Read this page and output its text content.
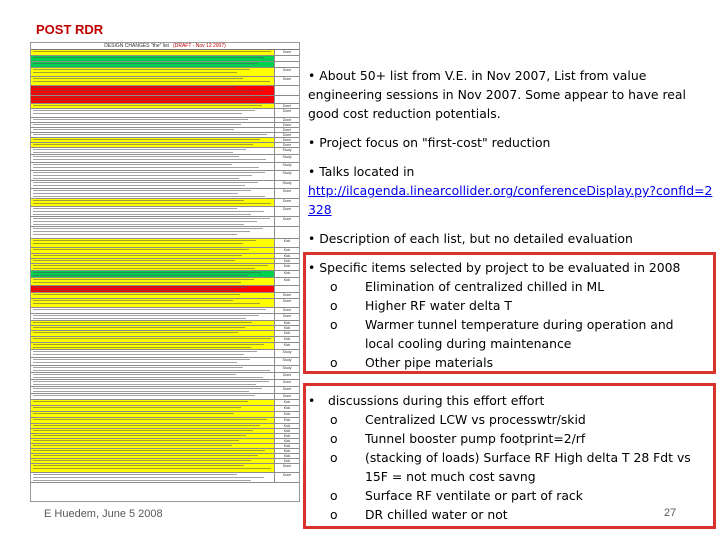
POST RDR
DESIGN CHANGES "the" list (DRAFT - Nov 12 2007)
Done
Done
Done
Done
Done
Done
Done
Done
Done
Done
Done
Study
Study
Study
Study
Study
Done
Done
Done
Done
Kick
Kick
Kick
Kick
Kick
Kick
Kick
Done
Done
Done
Done
Kick
Kick
Kick
Kick
Kick
Study
Study
Study
Done
Done
Done
Done
Kick
Kick
Kick
Kick
Kick
Kick
Kick
Kick
Kick
Kick
Kick
Kick
Done
Done

• About 50+ list from V.E. in Nov 2007, List from value engineering sessions in Nov 2007. Some appear to have real good cost reduction potentials.

• Project focus on "first-cost" reduction

• Talks located in

http://ilcagenda.linearcollider.org/conferenceDisplay.py?confId=2328

• Description of each list, but no detailed evaluation

• Specific items selected by project to be evaluated in 2008

o Elimination of centralized chilled in ML

o Higher RF water delta T

o Warmer tunnel temperature during operation and local cooling during maintenance

o Other pipe materials

• discussions during this effort effort

o Centralized LCW vs processwtr/skid

o Tunnel booster pump footprint=2/rf

o (stacking of loads) Surface RF High delta T 28 Fdt vs 15F = not much cost savng

o Surface RF ventilate or part of rack

o DR chilled water or not

E Huedem, June 5 2008	27
